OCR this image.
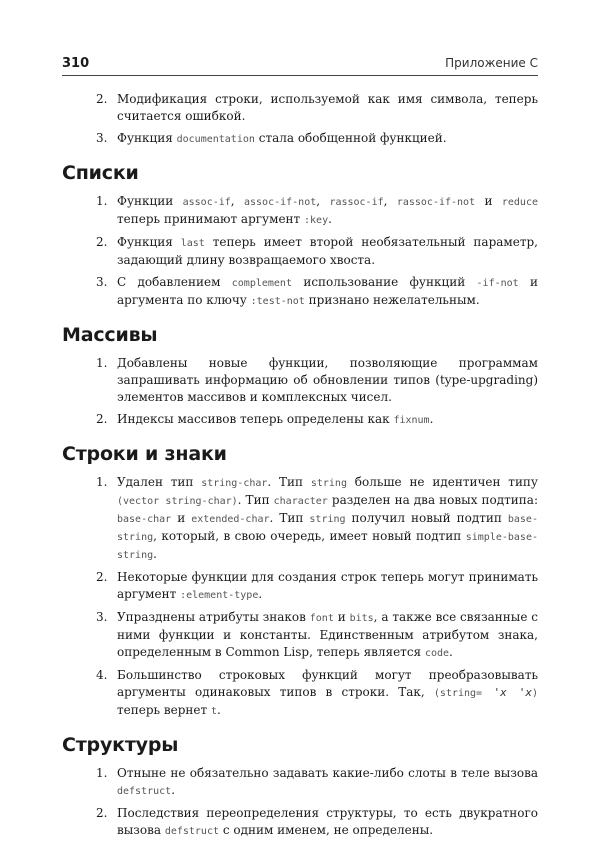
310	Приложение С
2. Модификация строки, используемой как имя символа, теперь считается ошибкой.
3. Функция documentation стала обобщенной функцией.
Списки
1. Функции assoc-if, assoc-if-not, rassoc-if, rassoc-if-not и reduce теперь принимают аргумент :key.
2. Функция last теперь имеет второй необязательный параметр, задающий длину возвращаемого хвоста.
3. С добавлением complement использование функций -if-not и аргумента по ключу :test-not признано нежелательным.
Массивы
1. Добавлены новые функции, позволяющие программам запрашивать информацию об обновлении типов (type-upgrading) элементов массивов и комплексных чисел.
2. Индексы массивов теперь определены как fixnum.
Строки и знаки
1. Удален тип string-char. Тип string больше не идентичен типу (vector string-char). Тип character разделен на два новых подтипа: base-char и extended-char. Тип string получил новый подтип base-string, который, в свою очередь, имеет новый подтип simple-base-string.
2. Некоторые функции для создания строк теперь могут принимать аргумент :element-type.
3. Упразднены атрибуты знаков font и bits, а также все связанные с ними функции и константы. Единственным атрибутом знака, определенным в Common Lisp, теперь является code.
4. Большинство строковых функций могут преобразовывать аргументы одинаковых типов в строки. Так, (string= 'x 'x) теперь вернет t.
Структуры
1. Отныне не обязательно задавать какие-либо слоты в теле вызова defstruct.
2. Последствия переопределения структуры, то есть двукратного вызова defstruct с одним именем, не определены.
